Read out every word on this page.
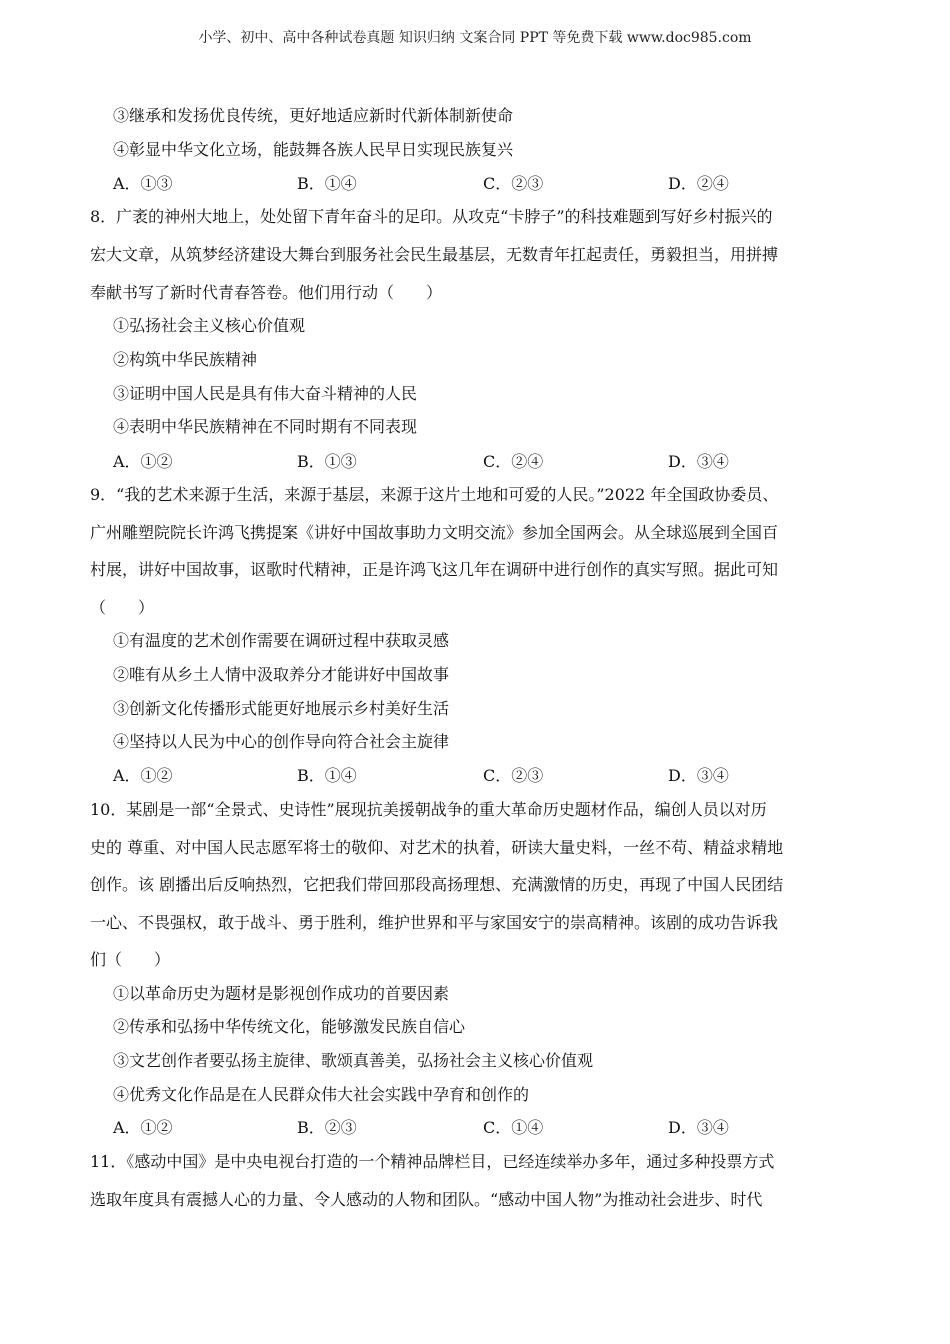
小学、初中、高中各种试卷真题 知识归纳 文案合同 PPT 等免费下载 www.doc985.com
③继承和发扬优良传统，更好地适应新时代新体制新使命
④彰显中华文化立场，能鼓舞各族人民早日实现民族复兴
A．①③	B．①④	C．②③	D．②④
8．广袤的神州大地上，处处留下青年奋斗的足印。从攻克“卡脖子”的科技难题到写好乡村振兴的
宏大文章，从筑梦经济建设大舞台到服务社会民生最基层，无数青年扛起责任，勇毅担当，用拼搏
奉献书写了新时代青春答卷。他们用行动（　　）
①弘扬社会主义核心价值观
②构筑中华民族精神
③证明中国人民是具有伟大奋斗精神的人民
④表明中华民族精神在不同时期有不同表现
A．①②	B．①③	C．②④	D．③④
9．“我的艺术来源于生活，来源于基层，来源于这片土地和可爱的人民。”2022 年全国政协委员、
广州雕塑院院长许鸿飞携提案《讲好中国故事助力文明交流》参加全国两会。从全球巡展到全国百
村展，讲好中国故事，讴歌时代精神，正是许鸿飞这几年在调研中进行创作的真实写照。据此可知
（　　）
①有温度的艺术创作需要在调研过程中获取灵感
②唯有从乡土人情中汲取养分才能讲好中国故事
③创新文化传播形式能更好地展示乡村美好生活
④坚持以人民为中心的创作导向符合社会主旋律
A．①②	B．①④	C．②③	D．③④
10．某剧是一部“全景式、史诗性”展现抗美援朝战争的重大革命历史题材作品，编创人员以对历
史的 尊重、对中国人民志愿军将士的敬仰、对艺术的执着，研读大量史料，一丝不苟、精益求精地
创作。该 剧播出后反响热烈，它把我们带回那段高扬理想、充满激情的历史，再现了中国人民团结
一心、不畏强权，敢于战斗、勇于胜利，维护世界和平与家国安宁的崇高精神。该剧的成功告诉我
们（　　）
①以革命历史为题材是影视创作成功的首要因素
②传承和弘扬中华传统文化，能够激发民族自信心
③文艺创作者要弘扬主旋律、歌颂真善美，弘扬社会主义核心价值观
④优秀文化作品是在人民群众伟大社会实践中孕育和创作的
A．①②	B．②③	C．①④	D．③④
11．《感动中国》是中央电视台打造的一个精神品牌栏目，已经连续举办多年，通过多种投票方式
选取年度具有震撼人心的力量、令人感动的人物和团队。“感动中国人物”为推动社会进步、时代
